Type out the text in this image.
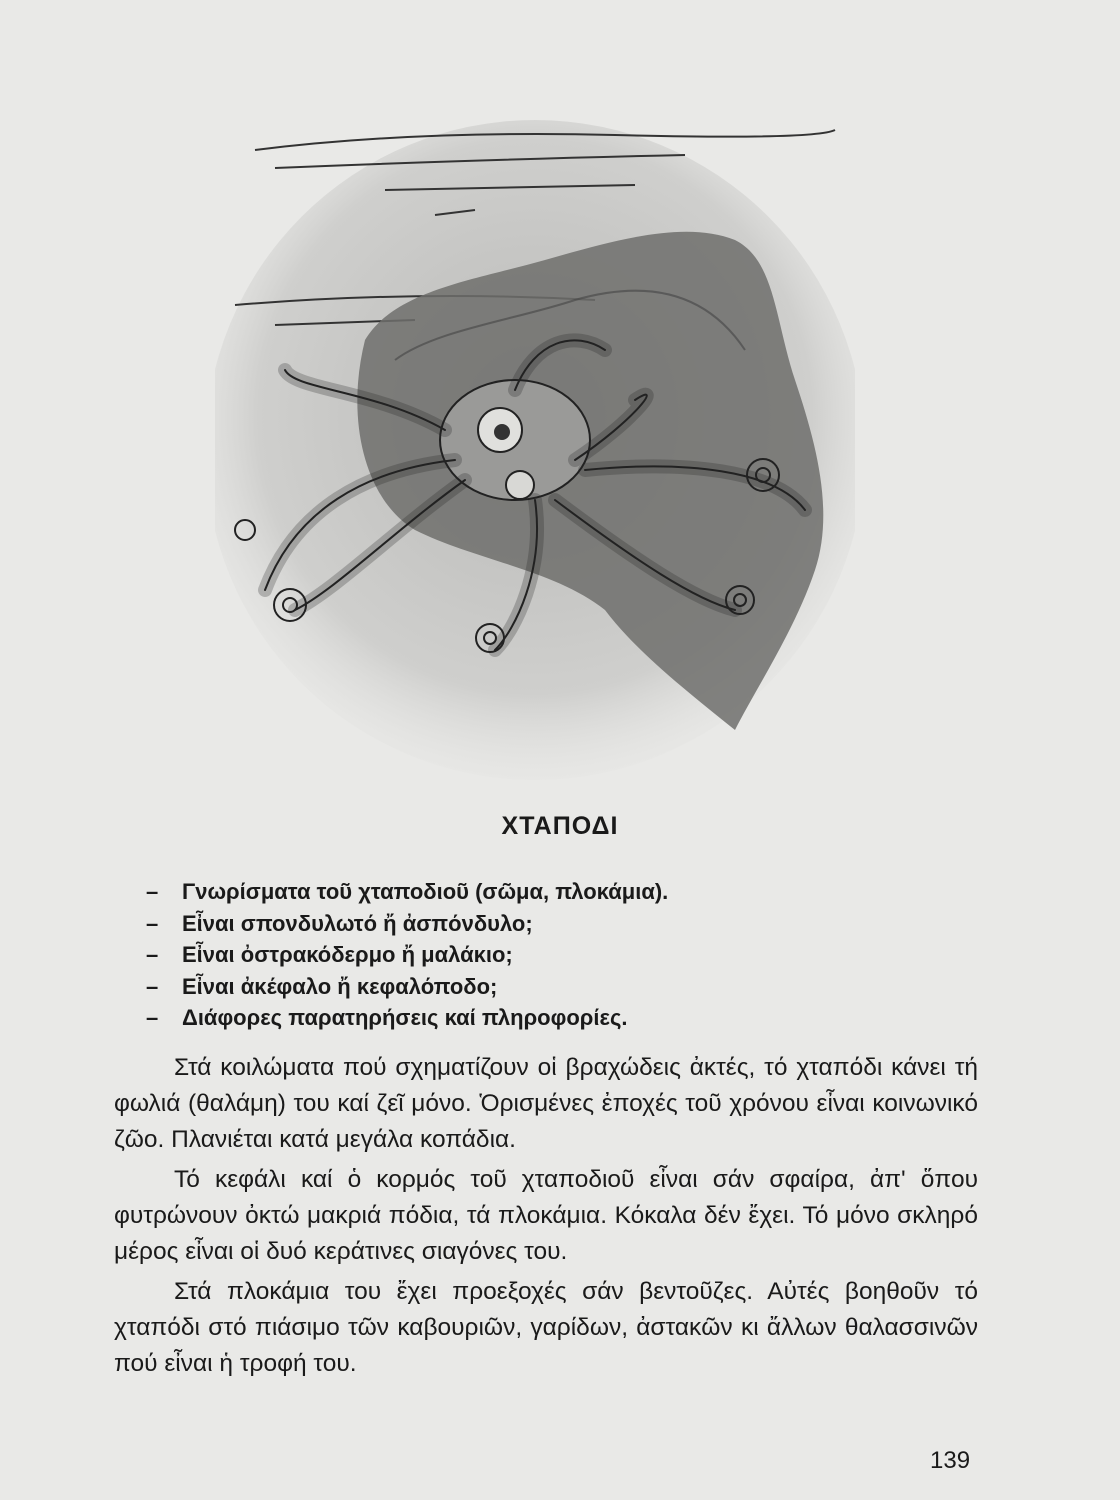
ΧΤΑΠΟΔΙ
– Γνωρίσματα τοῦ χταποδιοῦ (σῶμα, πλοκάμια).
– Εἶναι σπονδυλωτό ἤ ἀσπόνδυλο;
– Εἶναι ὀστρακόδερμο ἤ μαλάκιο;
– Εἶναι ἀκέφαλο ἤ κεφαλόποδο;
– Διάφορες παρατηρήσεις καί πληροφορίες.

Στά κοιλώματα πού σχηματίζουν οἱ βραχώδεις ἀκτές, τό χταπόδι κάνει τή φωλιά (θαλάμη) του καί ζεῖ μόνο. Ὁρισμένες ἐποχές τοῦ χρόνου εἶναι κοινωνικό ζῶο. Πλανιέται κατά μεγάλα κοπάδια.

Τό κεφάλι καί ὁ κορμός τοῦ χταποδιοῦ εἶναι σάν σφαίρα, ἀπ' ὅπου φυτρώνουν ὀκτώ μακριά πόδια, τά πλοκάμια. Κόκαλα δέν ἔχει. Τό μόνο σκληρό μέρος εἶναι οἱ δυό κεράτινες σιαγόνες του.

Στά πλοκάμια του ἔχει προεξοχές σάν βεντοῦζες. Αὐτές βοηθοῦν τό χταπόδι στό πιάσιμο τῶν καβουριῶν, γαρίδων, ἀστακῶν κι ἄλλων θαλασσινῶν πού εἶναι ἡ τροφή του.

139
